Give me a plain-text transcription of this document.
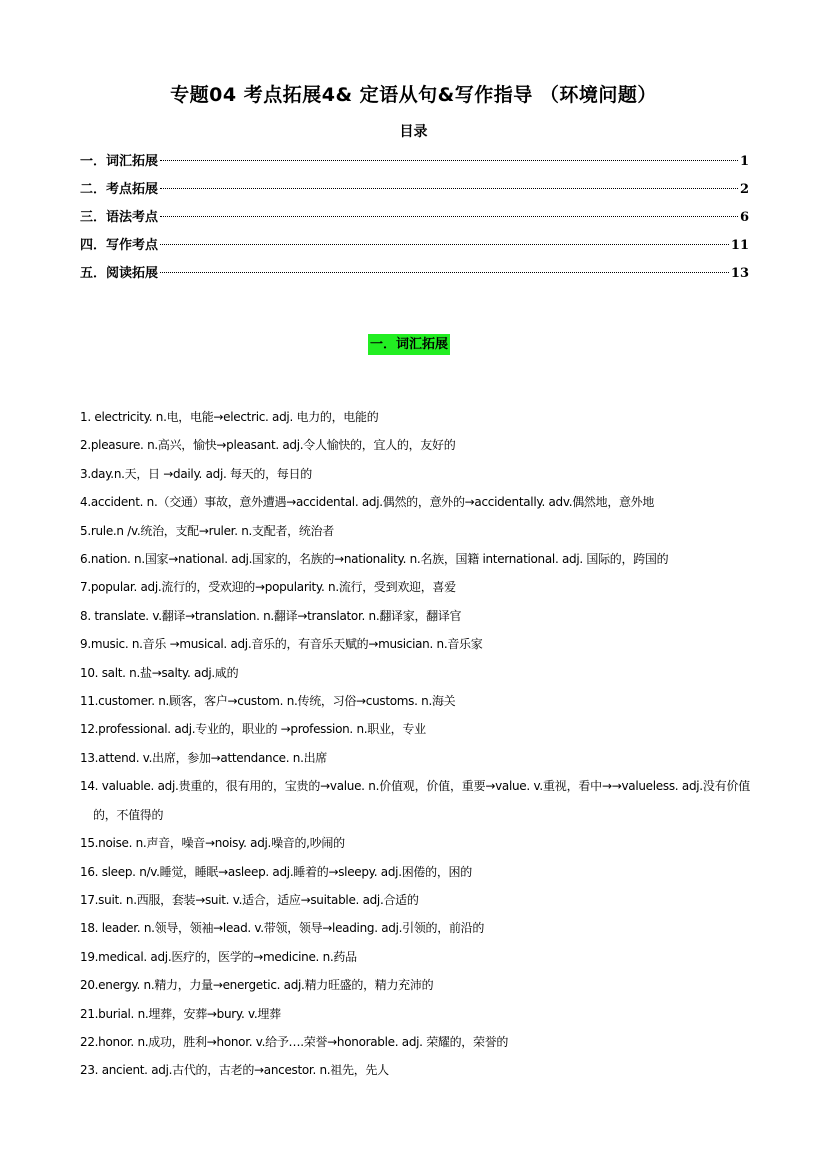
专题04 考点拓展4& 定语从句&写作指导 （环境问题）
目录
一．词汇拓展	1
二．考点拓展	2
三．语法考点	6
四．写作考点	11
五．阅读拓展	13
一．词汇拓展
1. electricity. n.电，电能→electric. adj. 电力的，电能的
2.pleasure. n.高兴，愉快→pleasant. adj.令人愉快的，宜人的，友好的
3.day.n.天，日 →daily. adj. 每天的，每日的
4.accident. n.（交通）事故，意外遭遇→accidental. adj.偶然的，意外的→accidentally. adv.偶然地，意外地
5.rule.n /v.统治，支配→ruler. n.支配者，统治者
6.nation. n.国家→national. adj.国家的，名族的→nationality. n.名族，国籍 international. adj. 国际的，跨国的
7.popular. adj.流行的，受欢迎的→popularity. n.流行，受到欢迎，喜爱
8. translate. v.翻译→translation. n.翻译→translator. n.翻译家，翻译官
9.music. n.音乐 →musical. adj.音乐的，有音乐天赋的→musician. n.音乐家
10. salt. n.盐→salty. adj.咸的
11.customer. n.顾客，客户→custom. n.传统，习俗→customs. n.海关
12.professional. adj.专业的，职业的 →profession. n.职业，专业
13.attend. v.出席，参加→attendance. n.出席
14. valuable. adj.贵重的，很有用的，宝贵的→value. n.价值观，价值，重要→value. v.重视，看中→→valueless. adj.没有价值的，不值得的
15.noise. n.声音，噪音→noisy. adj.噪音的,吵闹的
16. sleep. n/v.睡觉，睡眠→asleep. adj.睡着的→sleepy. adj.困倦的，困的
17.suit. n.西服，套装→suit. v.适合，适应→suitable. adj.合适的
18. leader. n.领导，领袖→lead. v.带领，领导→leading. adj.引领的，前沿的
19.medical. adj.医疗的，医学的→medicine. n.药品
20.energy. n.精力，力量→energetic. adj.精力旺盛的，精力充沛的
21.burial. n.埋葬，安葬→bury. v.埋葬
22.honor. n.成功，胜利→honor. v.给予….荣誉→honorable. adj. 荣耀的，荣誉的
23. ancient. adj.古代的，古老的→ancestor. n.祖先，先人
